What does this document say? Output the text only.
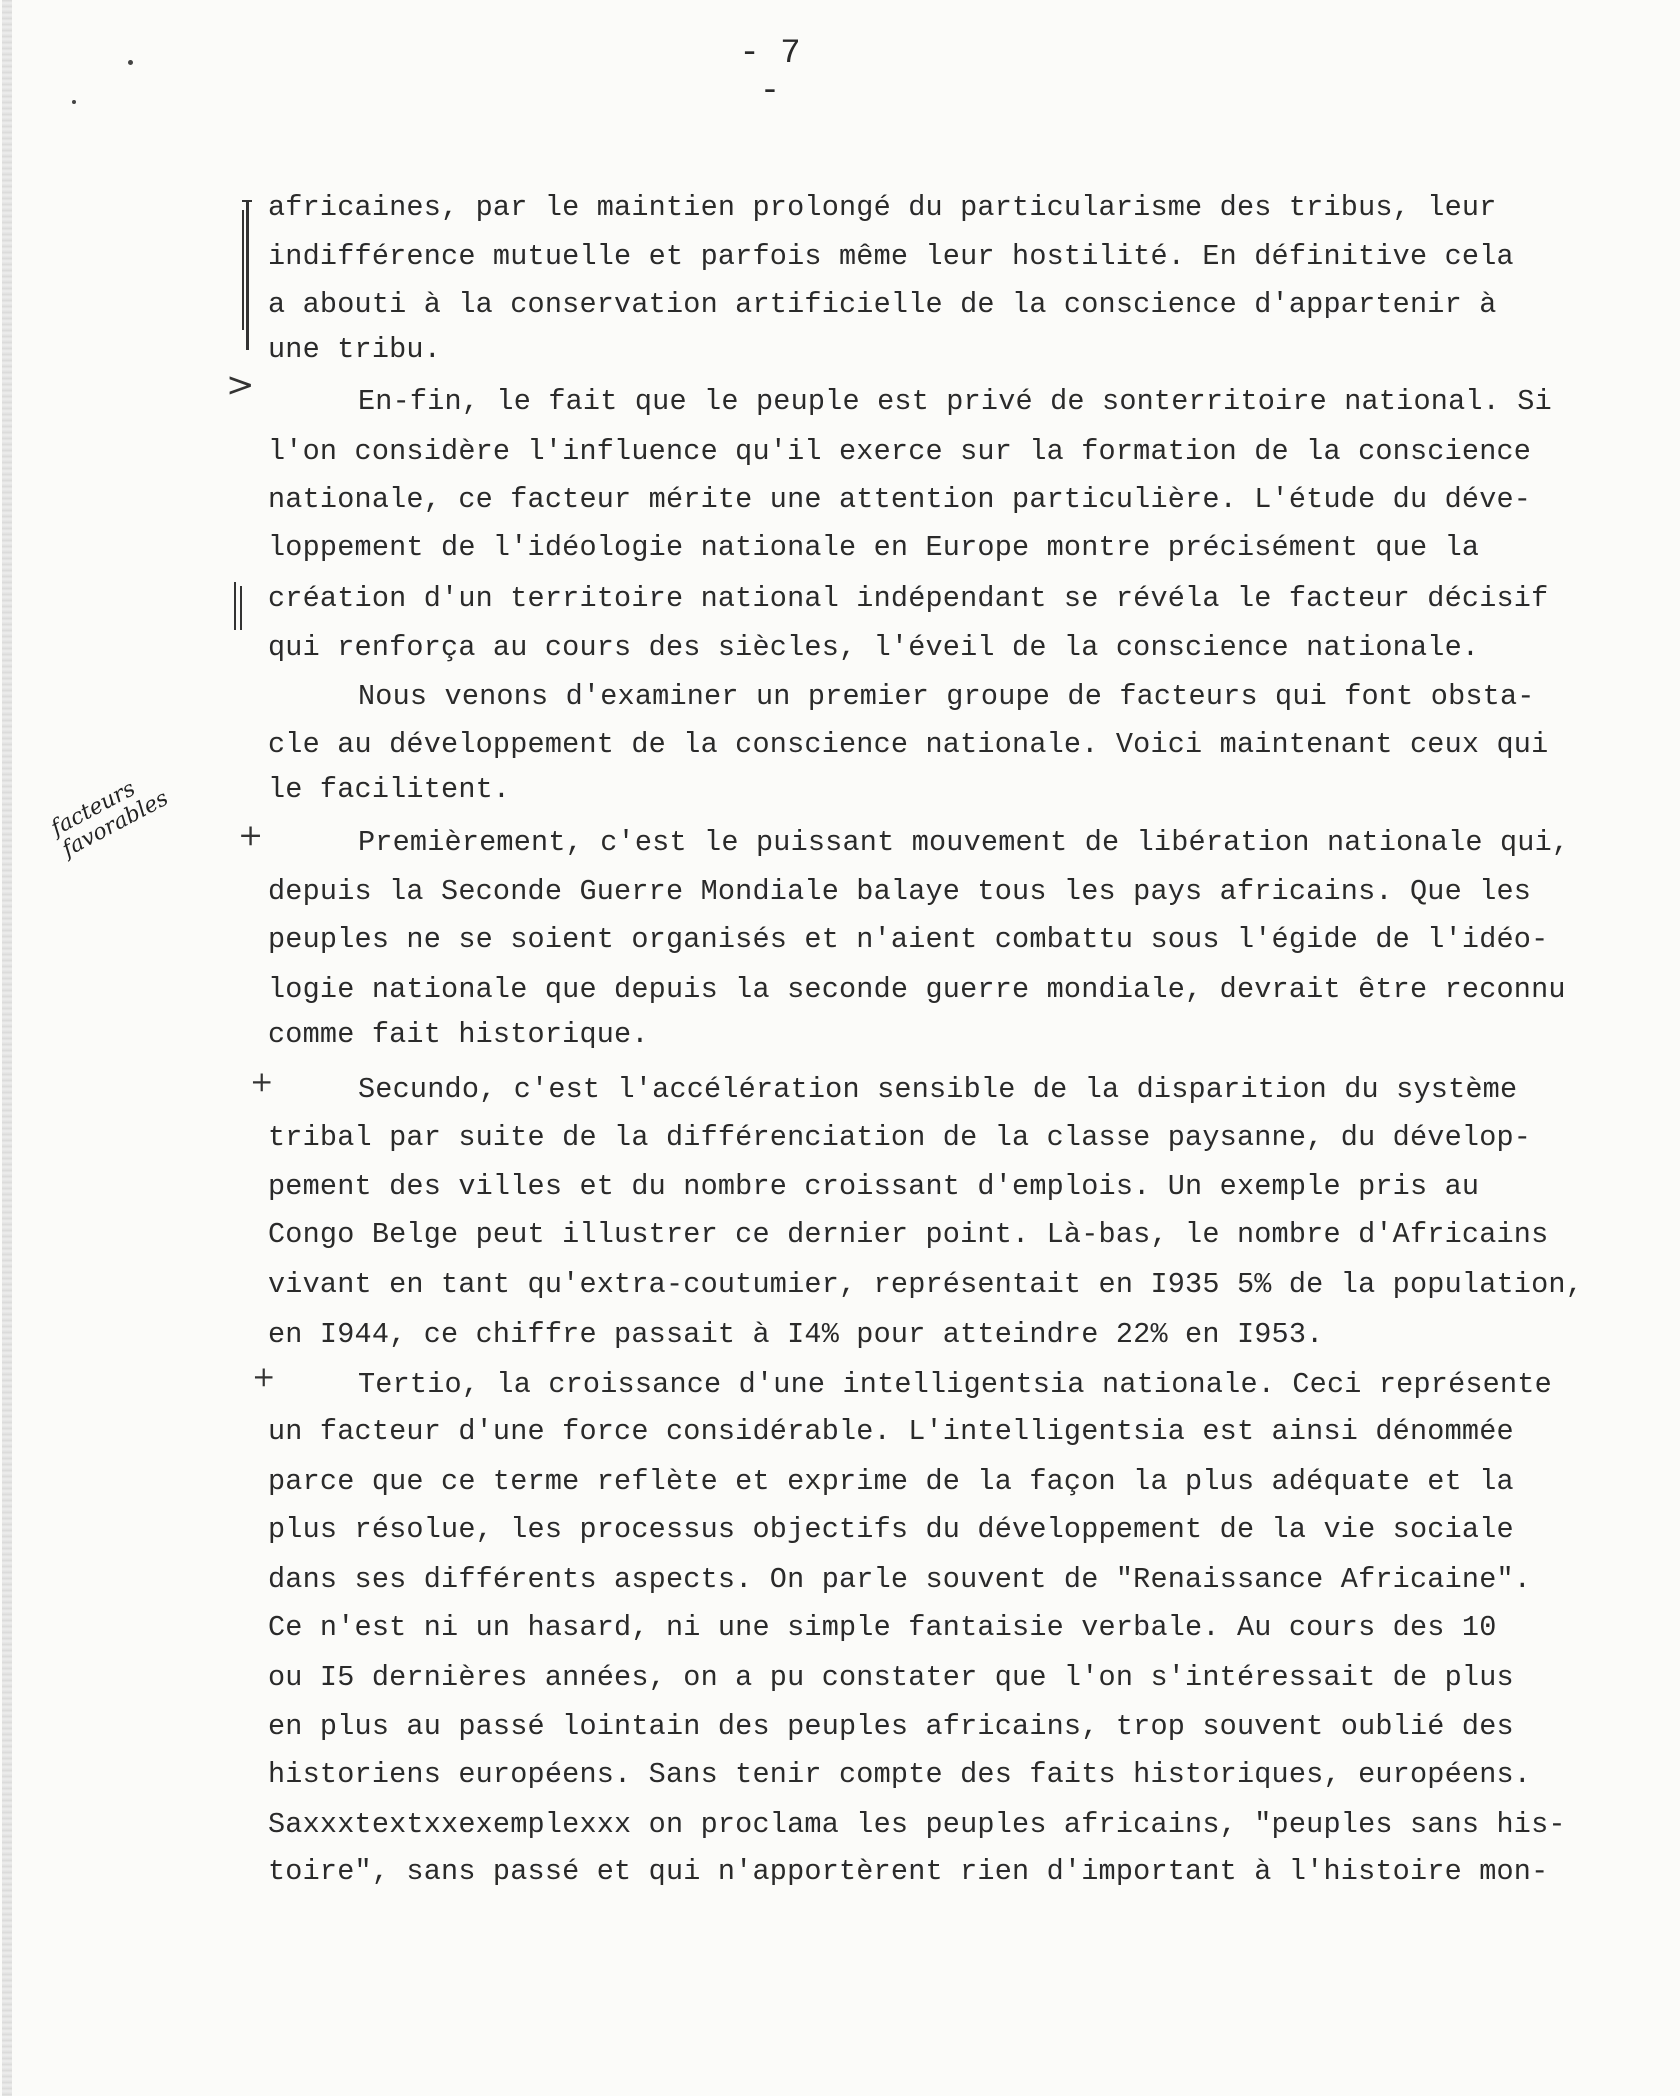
- 7 -
africaines, par le maintien prolongé du particularisme des tribus, leur
indifférence mutuelle et parfois même leur hostilité. En définitive cela
a abouti à la conservation artificielle de la conscience d'appartenir à
une tribu.
En-fin, le fait que le peuple est privé de sonterritoire national. Si
l'on considère l'influence qu'il exerce sur la formation de la conscience
nationale, ce facteur mérite une attention particulière. L'étude du déve-
loppement de l'idéologie nationale en Europe montre précisément que la
création d'un territoire national indépendant se révéla le facteur décisif
qui renforça au cours des siècles, l'éveil de la conscience nationale.
Nous venons d'examiner un premier groupe de facteurs qui font obsta-
cle au développement de la conscience nationale. Voici maintenant ceux qui
le facilitent.
Premièrement, c'est le puissant mouvement de libération nationale qui,
depuis la Seconde Guerre Mondiale balaye tous les pays africains. Que les
peuples ne se soient organisés et n'aient combattu sous l'égide de l'idéo-
logie nationale que depuis la seconde guerre mondiale, devrait être reconnu
comme fait historique.
Secundo, c'est l'accélération sensible de la disparition du système
tribal par suite de la différenciation de la classe paysanne, du dévelop-
pement des villes et du nombre croissant d'emplois. Un exemple pris au
Congo Belge peut illustrer ce dernier point. Là-bas, le nombre d'Africains
vivant en tant qu'extra-coutumier, représentait en I935 5% de la population,
en I944, ce chiffre passait à I4% pour atteindre 22% en I953.
Tertio, la croissance d'une intelligentsia nationale. Ceci représente
un facteur d'une force considérable. L'intelligentsia est ainsi dénommée
parce que ce terme reflète et exprime de la façon la plus adéquate et la
plus résolue, les processus objectifs du développement de la vie sociale
dans ses différents aspects. On parle souvent de "Renaissance Africaine".
Ce n'est ni un hasard, ni une simple fantaisie verbale. Au cours des 10
ou I5 dernières années, on a pu constater que l'on s'intéressait de plus
en plus au passé lointain des peuples africains, trop souvent oublié des
historiens européens. Sans tenir compte des faits historiques, européens.
Saxxxtextxxexemplexxx on proclama les peuples africains, "peuples sans his-
toire", sans passé et qui n'apportèrent rien d'important à l'histoire mon-
>
+
+
+
facteurs
favorables
